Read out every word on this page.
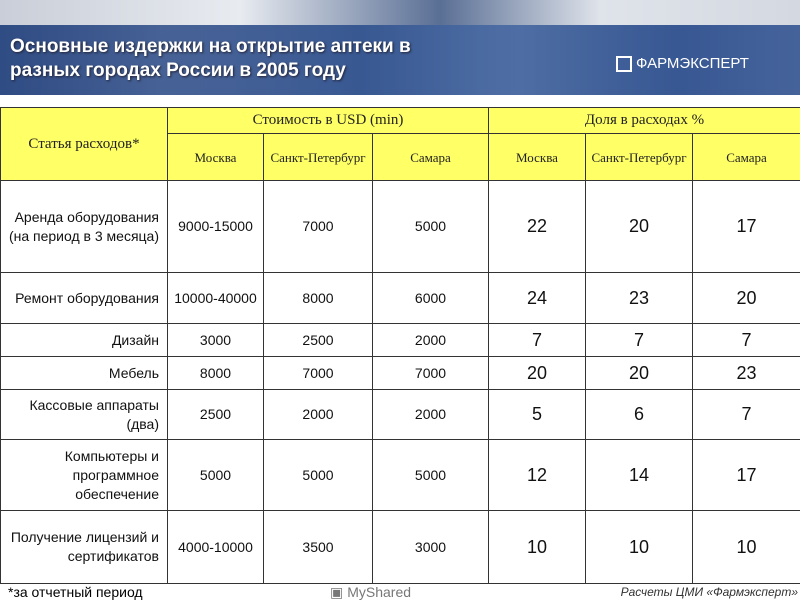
Основные издержки на открытие аптеки в
разных городах России в 2005 году	ФАРМЭКСПЕРТ
Статья расходов*	Стоимость в USD (min)			Доля в расходах %		
	Москва	Санкт-Петербург	Самара	Москва	Санкт-Петербург	Самара
Аренда оборудования (на период в 3 месяца)	9000-15000	7000	5000	22	20	17
Ремонт оборудования	10000-40000	8000	6000	24	23	20
Дизайн	3000	2500	2000	7	7	7
Мебель	8000	7000	7000	20	20	23
Кассовые аппараты (два)	2500	2000	2000	5	6	7
Компьютеры и программное обеспечение	5000	5000	5000	12	14	17
Получение лицензий и сертификатов	4000-10000	3500	3000	10	10	10
*за отчетный период	▣ MyShared	Расчеты ЦМИ «Фармэксперт»
